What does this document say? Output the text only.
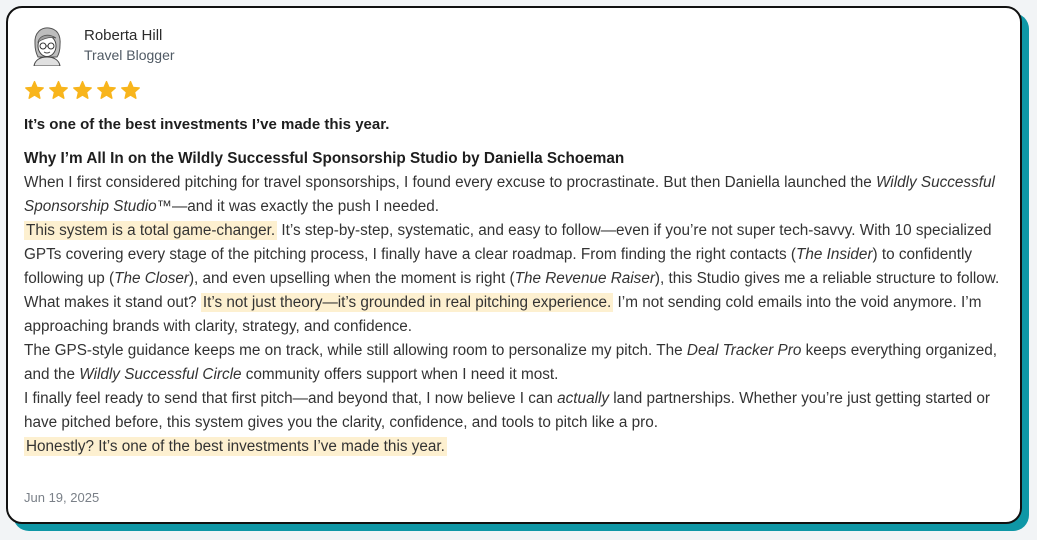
Roberta Hill
Travel Blogger
It’s one of the best investments I’ve made this year.

Why I’m All In on the Wildly Successful Sponsorship Studio by Daniella Schoeman

When I first considered pitching for travel sponsorships, I found every excuse to procrastinate. But then Daniella launched the Wildly Successful Sponsorship Studio™—and it was exactly the push I needed.

This system is a total game-changer. It’s step-by-step, systematic, and easy to follow—even if you’re not super tech-savvy. With 10 specialized GPTs covering every stage of the pitching process, I finally have a clear roadmap. From finding the right contacts (The Insider) to confidently following up (The Closer), and even upselling when the moment is right (The Revenue Raiser), this Studio gives me a reliable structure to follow.

What makes it stand out? It’s not just theory—it’s grounded in real pitching experience. I’m not sending cold emails into the void anymore. I’m approaching brands with clarity, strategy, and confidence.

The GPS-style guidance keeps me on track, while still allowing room to personalize my pitch. The Deal Tracker Pro keeps everything organized, and the Wildly Successful Circle community offers support when I need it most.

I finally feel ready to send that first pitch—and beyond that, I now believe I can actually land partnerships. Whether you’re just getting started or have pitched before, this system gives you the clarity, confidence, and tools to pitch like a pro.

Honestly? It’s one of the best investments I’ve made this year.

Jun 19, 2025
